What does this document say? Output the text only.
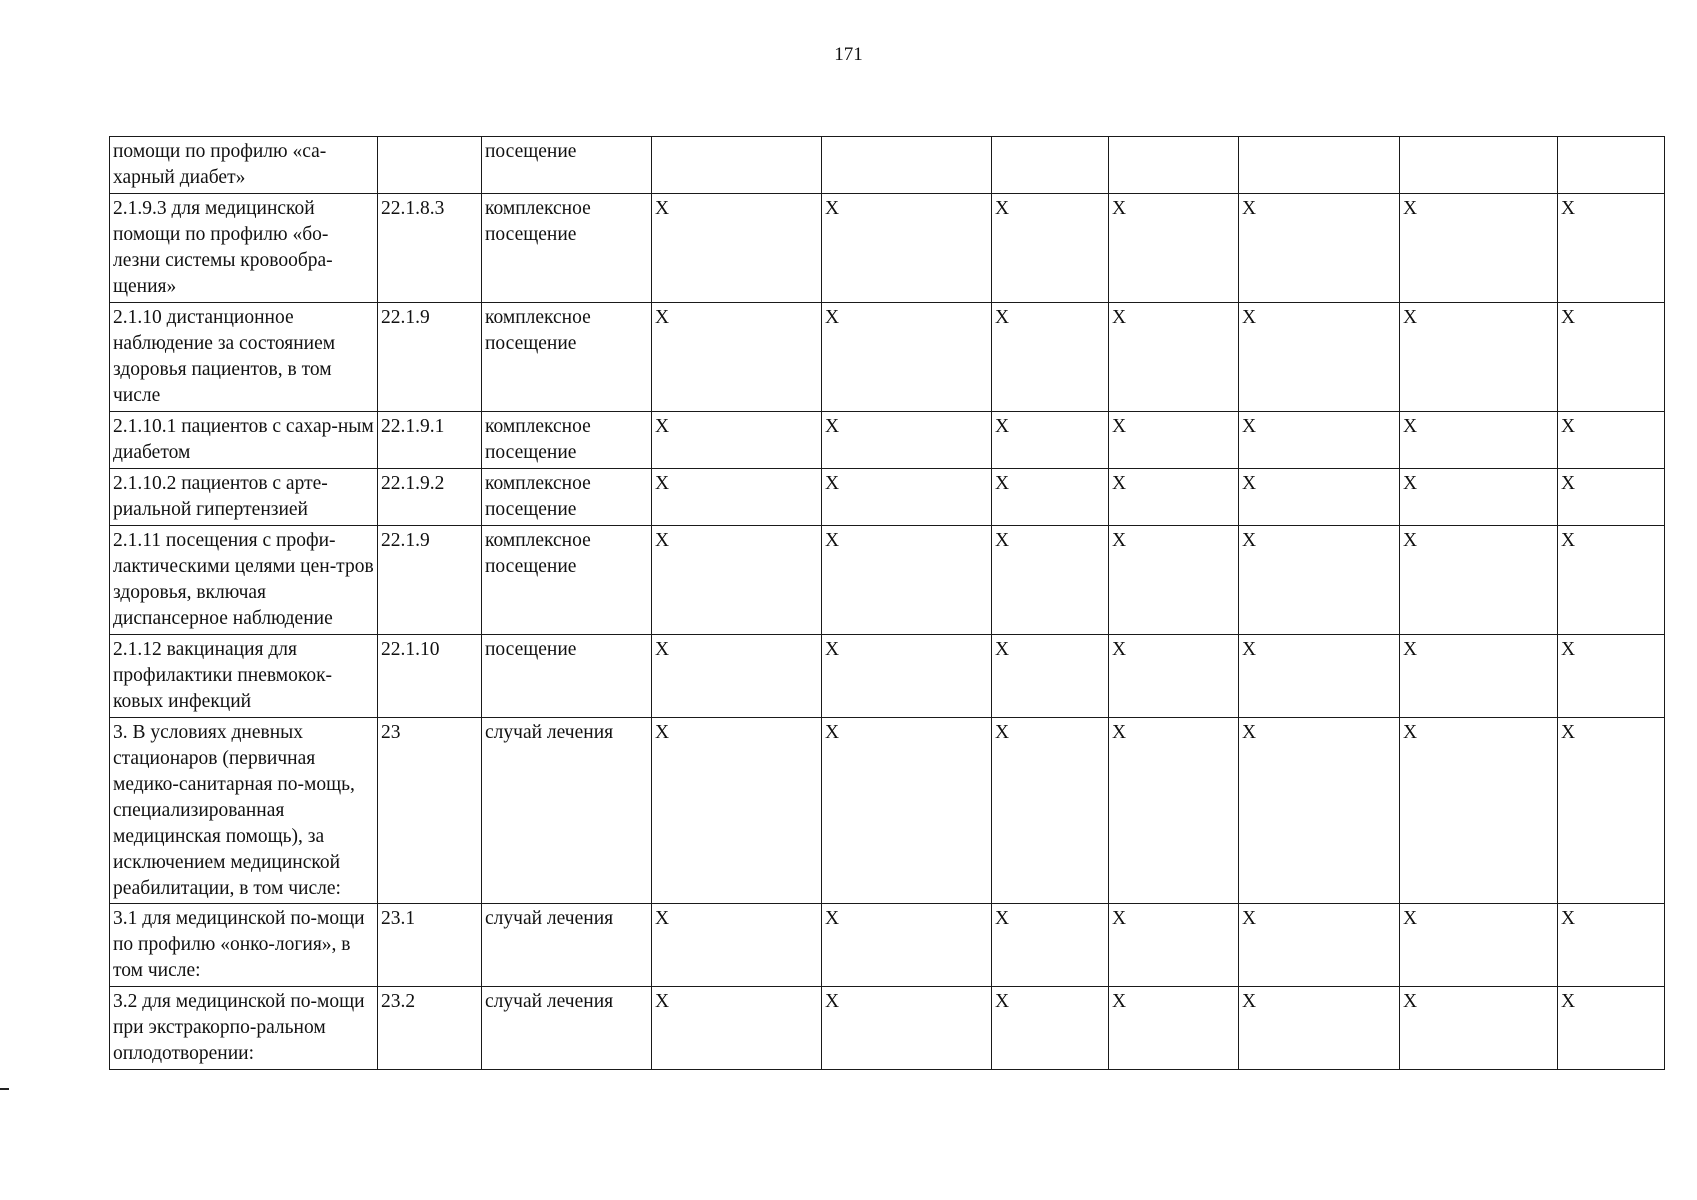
171
помощи по профилю «са-
харный диабет»		посещение							
2.1.9.3 для медицинской помощи по профилю «бо-лезни системы кровообра-щения»	22.1.8.3	комплексное посещение	X	X	X	X	X	X	X
2.1.10 дистанционное наблюдение за состоянием здоровья пациентов, в том числе	22.1.9	комплексное посещение	X	X	X	X	X	X	X
2.1.10.1 пациентов с сахар-ным диабетом	22.1.9.1	комплексное посещение	X	X	X	X	X	X	X
2.1.10.2 пациентов с арте-риальной гипертензией	22.1.9.2	комплексное посещение	X	X	X	X	X	X	X
2.1.11 посещения с профи-лактическими целями цен-тров здоровья, включая диспансерное наблюдение	22.1.9	комплексное посещение	X	X	X	X	X	X	X
2.1.12 вакцинация для профилактики пневмокок-ковых инфекций	22.1.10	посещение	X	X	X	X	X	X	X
3. В условиях дневных стационаров (первичная медико-санитарная по-мощь, специализированная медицинская помощь), за исключением медицинской реабилитации, в том числе:	23	случай лечения	X	X	X	X	X	X	X
3.1 для медицинской по-мощи по профилю «онко-логия», в том числе:	23.1	случай лечения	X	X	X	X	X	X	X
3.2 для медицинской по-мощи при экстракорпо-ральном оплодотворении:	23.2	случай лечения	X	X	X	X	X	X	X
